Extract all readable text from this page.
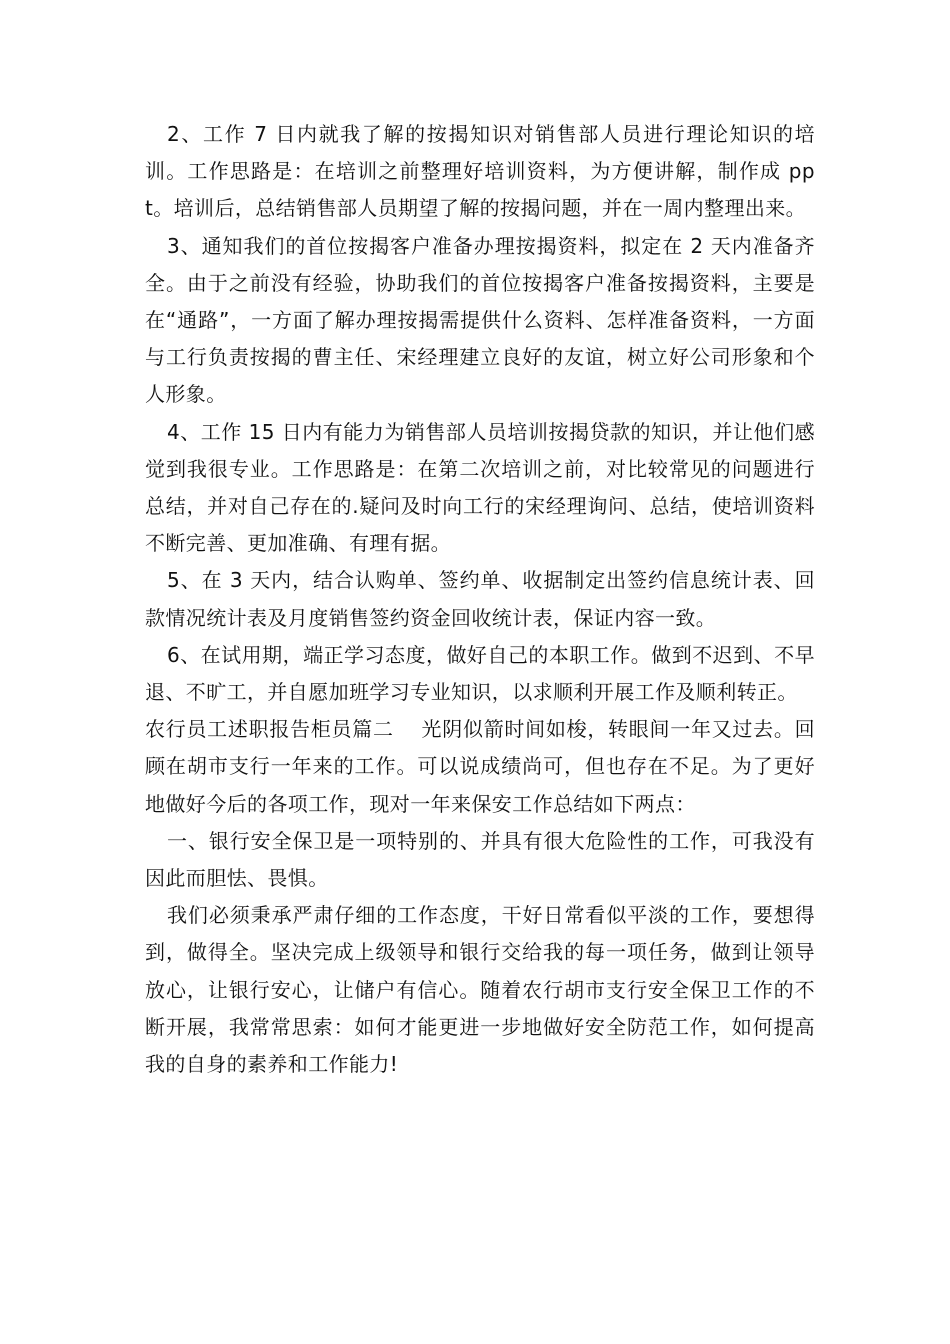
2、工作 7 日内就我了解的按揭知识对销售部人员进行理论知识的培训。工作思路是：在培训之前整理好培训资料，为方便讲解，制作成 ppt。培训后，总结销售部人员期望了解的按揭问题，并在一周内整理出来。

3、通知我们的首位按揭客户准备办理按揭资料，拟定在 2 天内准备齐全。由于之前没有经验，协助我们的首位按揭客户准备按揭资料，主要是在“通路”，一方面了解办理按揭需提供什么资料、怎样准备资料，一方面与工行负责按揭的曹主任、宋经理建立良好的友谊，树立好公司形象和个人形象。

4、工作 15 日内有能力为销售部人员培训按揭贷款的知识，并让他们感觉到我很专业。工作思路是：在第二次培训之前，对比较常见的问题进行总结，并对自己存在的.疑问及时向工行的宋经理询问、总结，使培训资料不断完善、更加准确、有理有据。

5、在 3 天内，结合认购单、签约单、收据制定出签约信息统计表、回款情况统计表及月度销售签约资金回收统计表，保证内容一致。

6、在试用期，端正学习态度，做好自己的本职工作。做到不迟到、不早退、不旷工，并自愿加班学习专业知识，以求顺利开展工作及顺利转正。

农行员工述职报告柜员篇二　 光阴似箭时间如梭，转眼间一年又过去。回顾在胡市支行一年来的工作。可以说成绩尚可，但也存在不足。为了更好地做好今后的各项工作，现对一年来保安工作总结如下两点：

一、银行安全保卫是一项特别的、并具有很大危险性的工作，可我没有因此而胆怯、畏惧。

我们必须秉承严肃仔细的工作态度，干好日常看似平淡的工作，要想得到，做得全。坚决完成上级领导和银行交给我的每一项任务，做到让领导放心，让银行安心，让储户有信心。随着农行胡市支行安全保卫工作的不断开展，我常常思索：如何才能更进一步地做好安全防范工作，如何提高我的自身的素养和工作能力!
